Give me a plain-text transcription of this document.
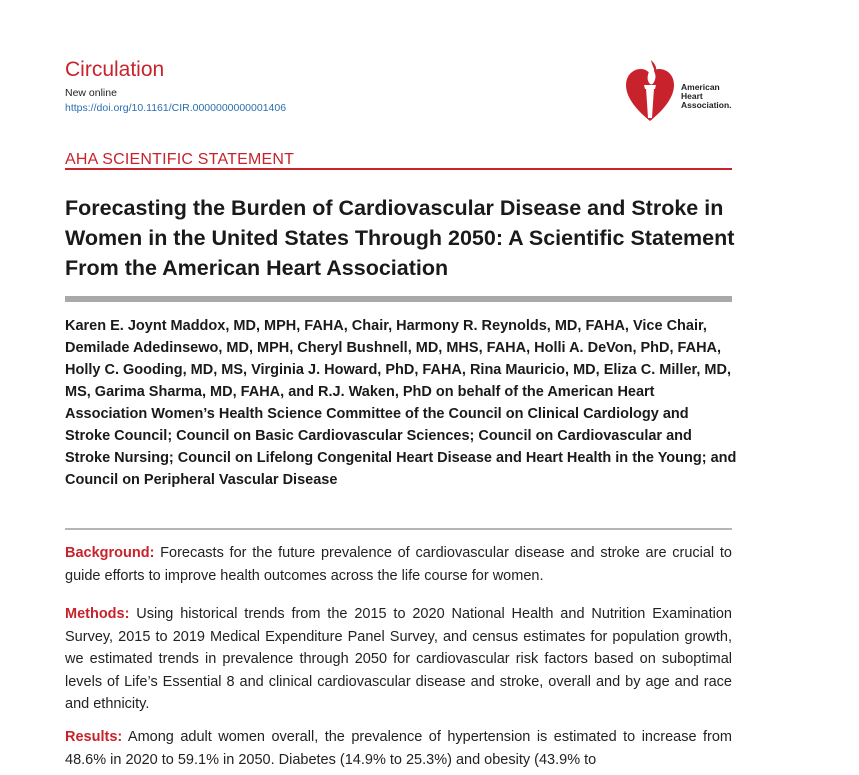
Circulation
New online
https://doi.org/10.1161/CIR.0000000000001406
American
Heart
Association.
AHA SCIENTIFIC STATEMENT
Forecasting the Burden of Cardiovascular Disease and Stroke in Women in the United States Through 2050: A Scientific Statement From the American Heart Association

Karen E. Joynt Maddox, MD, MPH, FAHA, Chair, Harmony R. Reynolds, MD, FAHA, Vice Chair, Demilade Adedinsewo, MD, MPH, Cheryl Bushnell, MD, MHS, FAHA, Holli A. DeVon, PhD, FAHA, Holly C. Gooding, MD, MS, Virginia J. Howard, PhD, FAHA, Rina Mauricio, MD, Eliza C. Miller, MD, MS, Garima Sharma, MD, FAHA, and R.J. Waken, PhD on behalf of the American Heart Association Women’s Health Science Committee of the Council on Clinical Cardiology and Stroke Council; Council on Basic Cardiovascular Sciences; Council on Cardiovascular and Stroke Nursing; Council on Lifelong Congenital Heart Disease and Heart Health in the Young; and Council on Peripheral Vascular Disease

Background: Forecasts for the future prevalence of cardiovascular disease and stroke are crucial to guide efforts to improve health outcomes across the life course for women.

Methods: Using historical trends from the 2015 to 2020 National Health and Nutrition Examination Survey, 2015 to 2019 Medical Expenditure Panel Survey, and census estimates for population growth, we estimated trends in prevalence through 2050 for cardiovascular risk factors based on suboptimal levels of Life’s Essential 8 and clinical cardiovascular disease and stroke, overall and by age and race and ethnicity.

Results: Among adult women overall, the prevalence of hypertension is estimated to increase from 48.6% in 2020 to 59.1% in 2050. Diabetes (14.9% to 25.3%) and obesity (43.9% to
